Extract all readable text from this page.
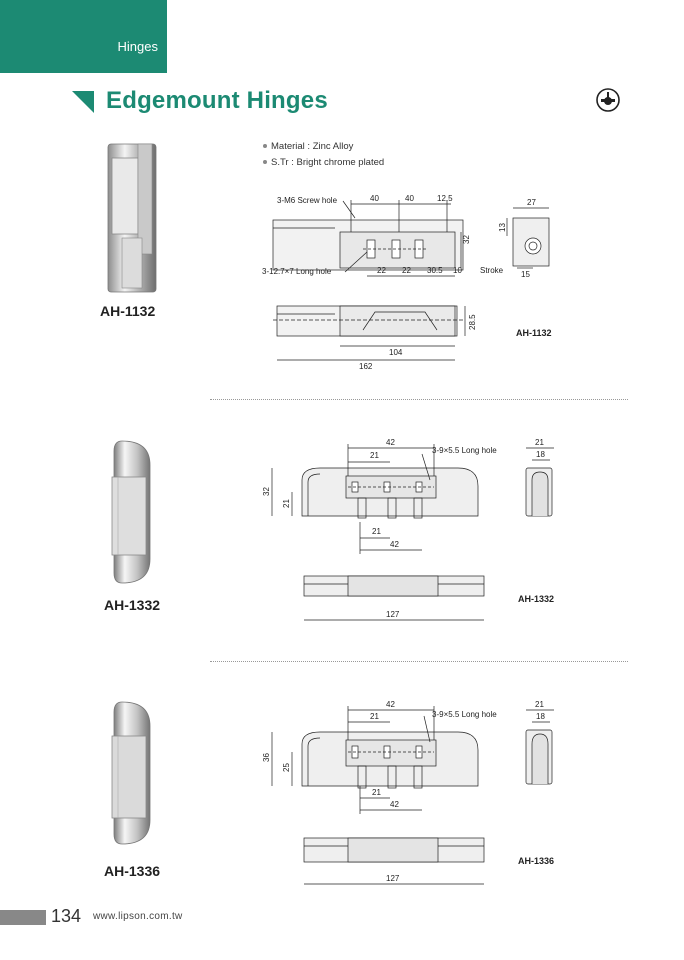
Hinges
Edgemount Hinges
Material : Zinc Alloy
S.Tr : Bright chrome plated
AH-1132
3-M6 Screw hole	40	40	12.5
32
3-12.7×7 Long hole	22 22 30.5 10 Stroke
27
13
15
28.5
104
162
AH-1132
AH-1332
42
21
3-9×5.5 Long hole
32
21
21
42
21
18
127
AH-1332
AH-1336
42
21	3-9×5.5 Long hole
36
25
21
42
21
18
127
AH-1336
134 www.lipson.com.tw
